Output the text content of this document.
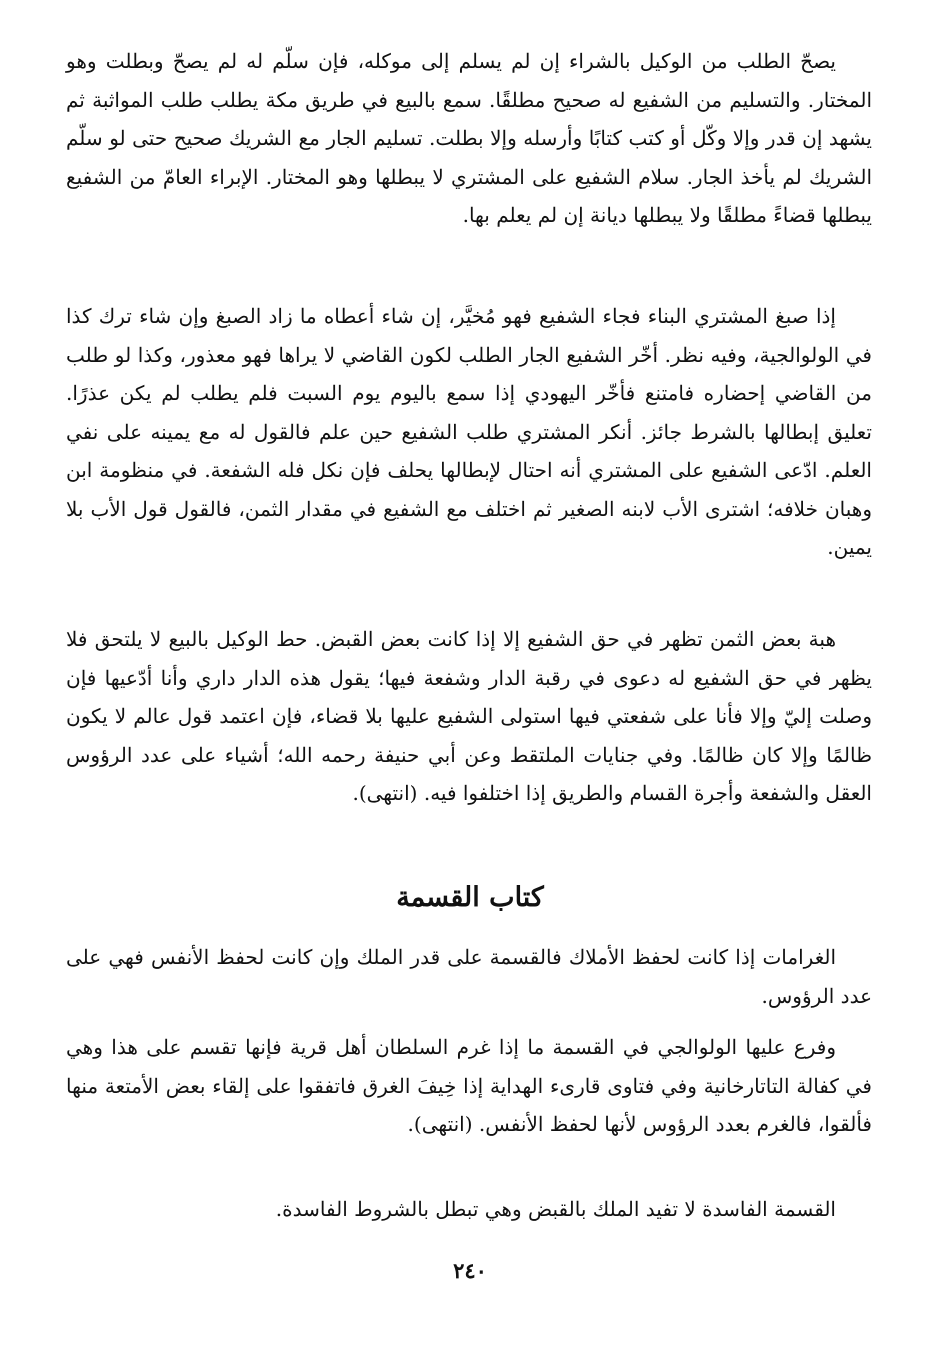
يصحّ الطلب من الوكيل بالشراء إن لم يسلم إلى موكله، فإن سلّم له لم يصحّ وبطلت وهو المختار. والتسليم من الشفيع له صحيح مطلقًا. سمع بالبيع في طريق مكة يطلب طلب المواثبة ثم يشهد إن قدر وإلا وكّل أو كتب كتابًا وأرسله وإلا بطلت. تسليم الجار مع الشريك صحيح حتى لو سلّم الشريك لم يأخذ الجار. سلام الشفيع على المشتري لا يبطلها وهو المختار. الإبراء العامّ من الشفيع يبطلها قضاءً مطلقًا ولا يبطلها ديانة إن لم يعلم بها.

إذا صبغ المشتري البناء فجاء الشفيع فهو مُخيَّر، إن شاء أعطاه ما زاد الصبغ وإن شاء ترك كذا في الولوالجية، وفيه نظر. أخّر الشفيع الجار الطلب لكون القاضي لا يراها فهو معذور، وكذا لو طلب من القاضي إحضاره فامتنع فأخّر اليهودي إذا سمع باليوم يوم السبت فلم يطلب لم يكن عذرًا. تعليق إبطالها بالشرط جائز. أنكر المشتري طلب الشفيع حين علم فالقول له مع يمينه على نفي العلم. ادّعى الشفيع على المشتري أنه احتال لإبطالها يحلف فإن نكل فله الشفعة. في منظومة ابن وهبان خلافه؛ اشترى الأب لابنه الصغير ثم اختلف مع الشفيع في مقدار الثمن، فالقول قول الأب بلا يمين.

هبة بعض الثمن تظهر في حق الشفيع إلا إذا كانت بعض القبض. حط الوكيل بالبيع لا يلتحق فلا يظهر في حق الشفيع له دعوى في رقبة الدار وشفعة فيها؛ يقول هذه الدار داري وأنا أدّعيها فإن وصلت إليّ وإلا فأنا على شفعتي فيها استولى الشفيع عليها بلا قضاء، فإن اعتمد قول عالم لا يكون ظالمًا وإلا كان ظالمًا. وفي جنايات الملتقط وعن أبي حنيفة رحمه الله؛ أشياء على عدد الرؤوس العقل والشفعة وأجرة القسام والطريق إذا اختلفوا فيه. (انتهى).

كتاب القسمة

الغرامات إذا كانت لحفظ الأملاك فالقسمة على قدر الملك وإن كانت لحفظ الأنفس فهي على عدد الرؤوس.

وفرع عليها الولوالجي في القسمة ما إذا غرم السلطان أهل قرية فإنها تقسم على هذا وهي في كفالة التاتارخانية وفي فتاوى قارىء الهداية إذا خِيفَ الغرق فاتفقوا على إلقاء بعض الأمتعة منها فألقوا، فالغرم بعدد الرؤوس لأنها لحفظ الأنفس. (انتهى).

القسمة الفاسدة لا تفيد الملك بالقبض وهي تبطل بالشروط الفاسدة.

٢٤٠
